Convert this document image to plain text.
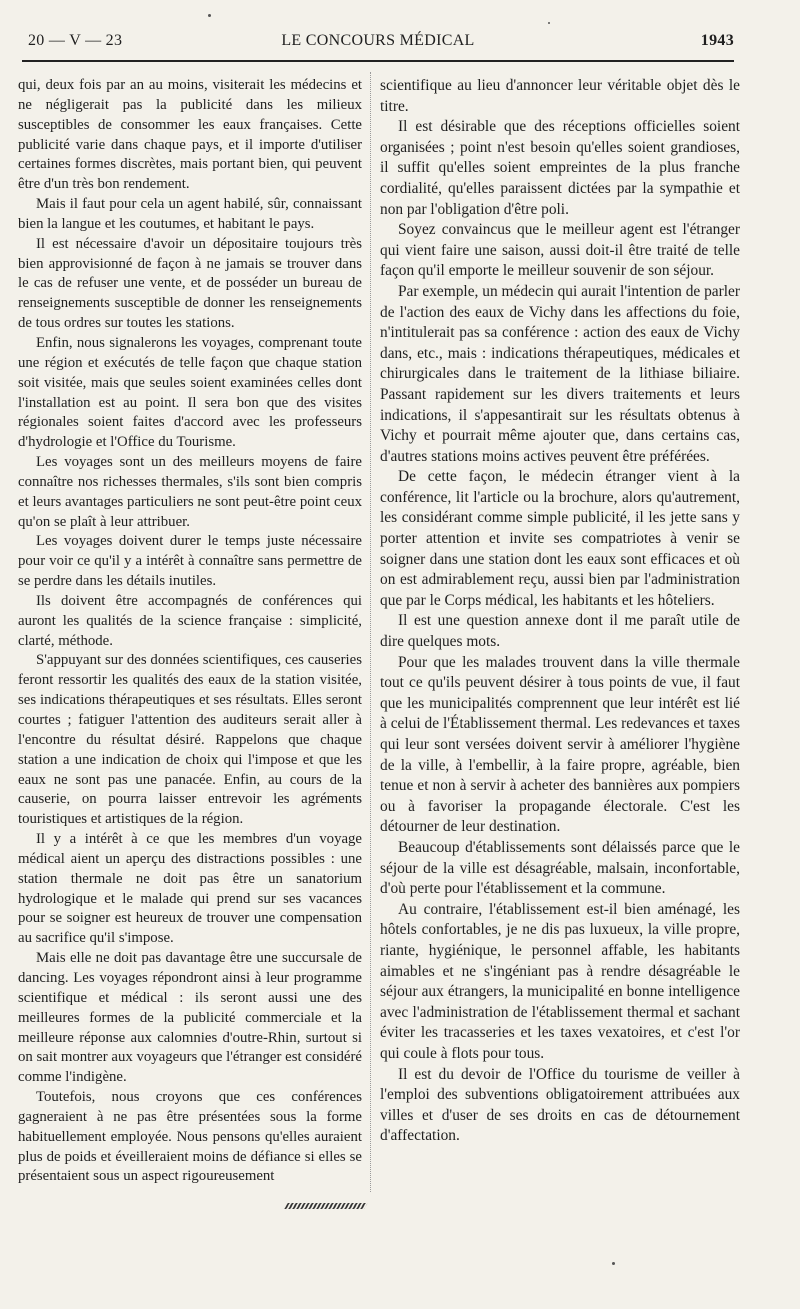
20 — V — 23	LE CONCOURS MÉDICAL	1943

qui, deux fois par an au moins, visiterait les médecins et ne négligerait pas la publicité dans les milieux susceptibles de consommer les eaux françaises. Cette publicité varie dans chaque pays, et il importe d'utiliser certaines formes discrètes, mais portant bien, qui peuvent être d'un très bon rendement.

Mais il faut pour cela un agent habilé, sûr, connaissant bien la langue et les coutumes, et habitant le pays.

Il est nécessaire d'avoir un dépositaire toujours très bien approvisionné de façon à ne jamais se trouver dans le cas de refuser une vente, et de posséder un bureau de renseignements susceptible de donner les renseignements de tous ordres sur toutes les stations.

Enfin, nous signalerons les voyages, comprenant toute une région et exécutés de telle façon que chaque station soit visitée, mais que seules soient examinées celles dont l'installation est au point. Il sera bon que des visites régionales soient faites d'accord avec les professeurs d'hydrologie et l'Office du Tourisme.

Les voyages sont un des meilleurs moyens de faire connaître nos richesses thermales, s'ils sont bien compris et leurs avantages particuliers ne sont peut-être point ceux qu'on se plaît à leur attribuer.

Les voyages doivent durer le temps juste nécessaire pour voir ce qu'il y a intérêt à connaître sans permettre de se perdre dans les détails inutiles.

Ils doivent être accompagnés de conférences qui auront les qualités de la science française : simplicité, clarté, méthode.

S'appuyant sur des données scientifiques, ces causeries feront ressortir les qualités des eaux de la station visitée, ses indications thérapeutiques et ses résultats. Elles seront courtes ; fatiguer l'attention des auditeurs serait aller à l'encontre du résultat désiré. Rappelons que chaque station a une indication de choix qui l'impose et que les eaux ne sont pas une panacée. Enfin, au cours de la causerie, on pourra laisser entrevoir les agréments touristiques et artistiques de la région.

Il y a intérêt à ce que les membres d'un voyage médical aient un aperçu des distractions possibles : une station thermale ne doit pas être un sanatorium hydrologique et le malade qui prend sur ses vacances pour se soigner est heureux de trouver une compensation au sacrifice qu'il s'impose.

Mais elle ne doit pas davantage être une succursale de dancing. Les voyages répondront ainsi à leur programme scientifique et médical : ils seront aussi une des meilleures formes de la publicité commerciale et la meilleure réponse aux calomnies d'outre-Rhin, surtout si on sait montrer aux voyageurs que l'étranger est considéré comme l'indigène.

Toutefois, nous croyons que ces conférences gagneraient à ne pas être présentées sous la forme habituellement employée. Nous pensons qu'elles auraient plus de poids et éveilleraient moins de défiance si elles se présentaient sous un aspect rigoureusement

scientifique au lieu d'annoncer leur véritable objet dès le titre.

Il est désirable que des réceptions officielles soient organisées ; point n'est besoin qu'elles soient grandioses, il suffit qu'elles soient empreintes de la plus franche cordialité, qu'elles paraissent dictées par la sympathie et non par l'obligation d'être poli.

Soyez convaincus que le meilleur agent est l'étranger qui vient faire une saison, aussi doit-il être traité de telle façon qu'il emporte le meilleur souvenir de son séjour.

Par exemple, un médecin qui aurait l'intention de parler de l'action des eaux de Vichy dans les affections du foie, n'intitulerait pas sa conférence : action des eaux de Vichy dans, etc., mais : indications thérapeutiques, médicales et chirurgicales dans le traitement de la lithiase biliaire. Passant rapidement sur les divers traitements et leurs indications, il s'appesantirait sur les résultats obtenus à Vichy et pourrait même ajouter que, dans certains cas, d'autres stations moins actives peuvent être préférées.

De cette façon, le médecin étranger vient à la conférence, lit l'article ou la brochure, alors qu'autrement, les considérant comme simple publicité, il les jette sans y porter attention et invite ses compatriotes à venir se soigner dans une station dont les eaux sont efficaces et où on est admirablement reçu, aussi bien par l'administration que par le Corps médical, les habitants et les hôteliers.

Il est une question annexe dont il me paraît utile de dire quelques mots.

Pour que les malades trouvent dans la ville thermale tout ce qu'ils peuvent désirer à tous points de vue, il faut que les municipalités comprennent que leur intérêt est lié à celui de l'Établissement thermal. Les redevances et taxes qui leur sont versées doivent servir à améliorer l'hygiène de la ville, à l'embellir, à la faire propre, agréable, bien tenue et non à servir à acheter des bannières aux pompiers ou à favoriser la propagande électorale. C'est les détourner de leur destination.

Beaucoup d'établissements sont délaissés parce que le séjour de la ville est désagréable, malsain, inconfortable, d'où perte pour l'établissement et la commune.

Au contraire, l'établissement est-il bien aménagé, les hôtels confortables, je ne dis pas luxueux, la ville propre, riante, hygiénique, le personnel affable, les habitants aimables et ne s'ingéniant pas à rendre désagréable le séjour aux étrangers, la municipalité en bonne intelligence avec l'administration de l'établissement thermal et sachant éviter les tracasseries et les taxes vexatoires, et c'est l'or qui coule à flots pour tous.

Il est du devoir de l'Office du tourisme de veiller à l'emploi des subventions obligatoirement attribuées aux villes et d'user de ses droits en cas de détournement d'affectation.
